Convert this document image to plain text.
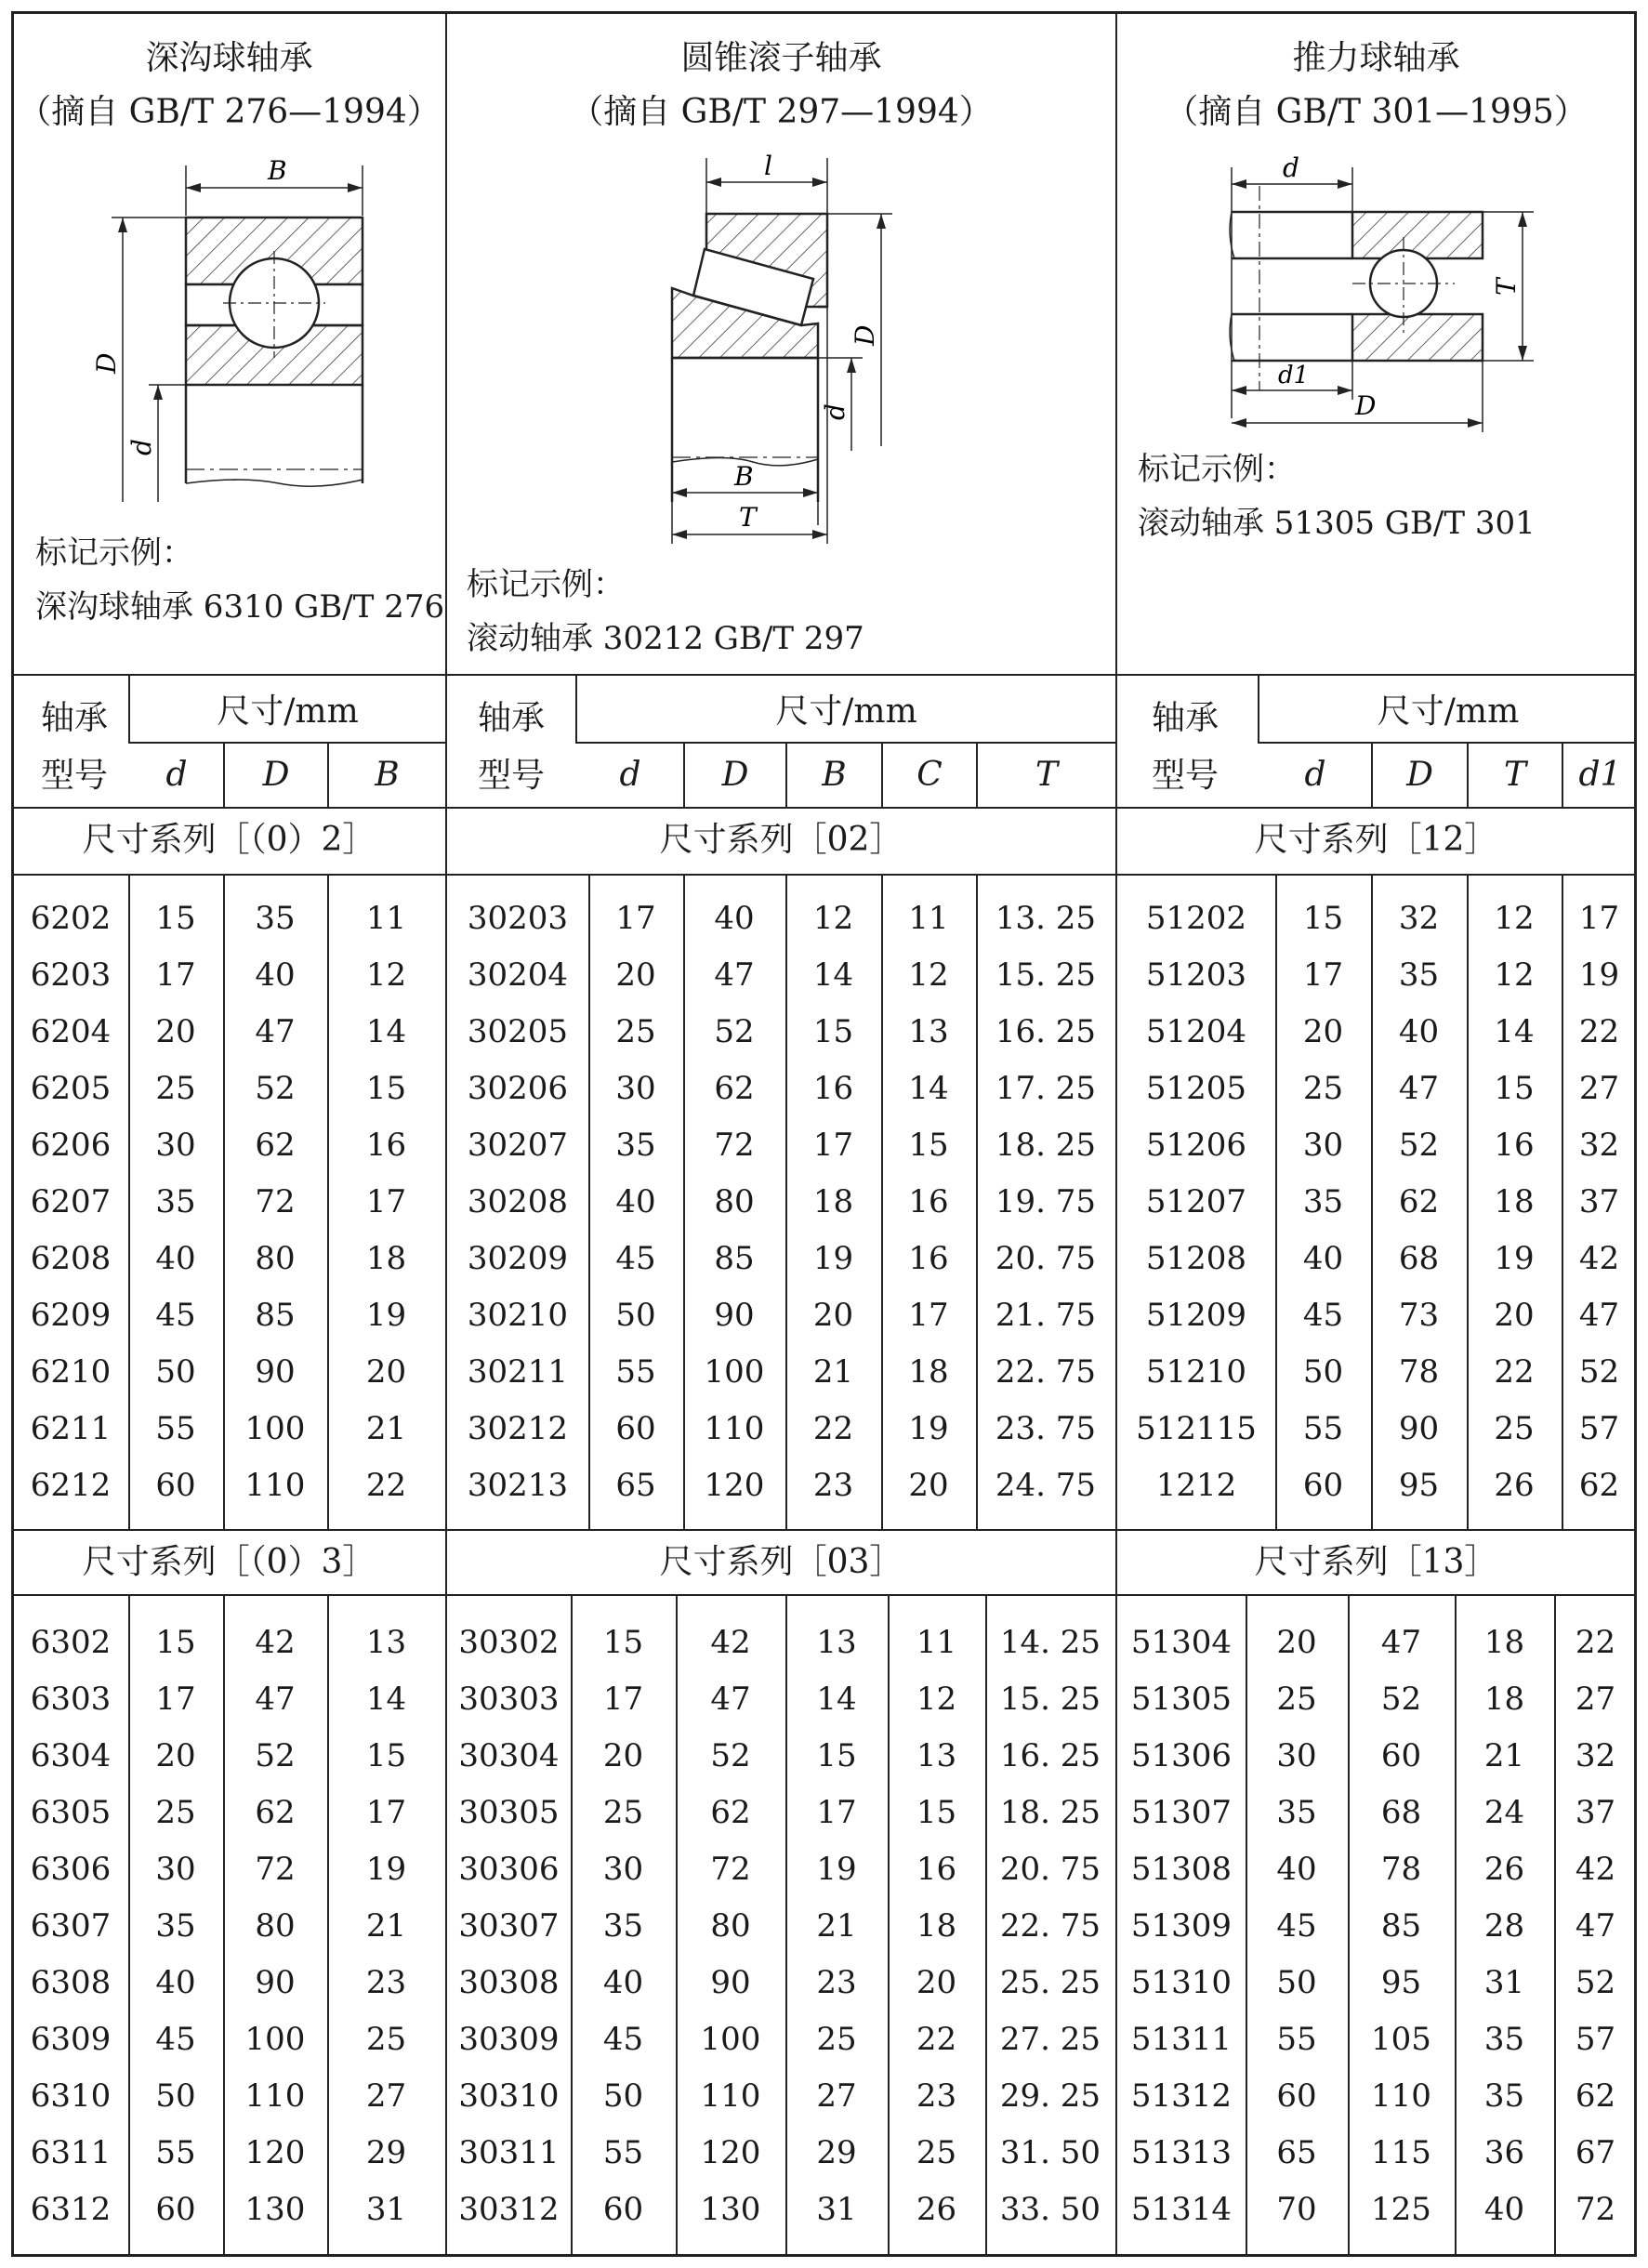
深沟球轴承
（摘自 GB/T 276—1994）
圆锥滚子轴承
（摘自 GB/T 297—1994）
推力球轴承
（摘自 GB/T 301—1995）
B
D
d
标记示例：
深沟球轴承 6310 GB/T 276
l
D
d
B
T
标记示例：
滚动轴承 30212 GB/T 297
d
T
d1
D
标记示例：
滚动轴承 51305 GB/T 301
轴承型号
尺寸/mm
d	D	B
轴承型号
尺寸/mm
d	D	B	C	T
轴承型号
尺寸/mm
d	D	T	d1
尺寸系列［（0）2］	尺寸系列［02］	尺寸系列［12］
尺寸系列［（0）3］	尺寸系列［03］	尺寸系列［13］
6202	15	35	11
6203	17	40	12
6204	20	47	14
6205	25	52	15
6206	30	62	16
6207	35	72	17
6208	40	80	18
6209	45	85	19
6210	50	90	20
6211	55	100	21
6212	60	110	22
30203	17	40	12	11	13. 25
30204	20	47	14	12	15. 25
30205	25	52	15	13	16. 25
30206	30	62	16	14	17. 25
30207	35	72	17	15	18. 25
30208	40	80	18	16	19. 75
30209	45	85	19	16	20. 75
30210	50	90	20	17	21. 75
30211	55	100	21	18	22. 75
30212	60	110	22	19	23. 75
30213	65	120	23	20	24. 75
51202	15	32	12	17
51203	17	35	12	19
51204	20	40	14	22
51205	25	47	15	27
51206	30	52	16	32
51207	35	62	18	37
51208	40	68	19	42
51209	45	73	20	47
51210	50	78	22	52
512115	55	90	25	57
1212	60	95	26	62
6302	15	42	13
6303	17	47	14
6304	20	52	15
6305	25	62	17
6306	30	72	19
6307	35	80	21
6308	40	90	23
6309	45	100	25
6310	50	110	27
6311	55	120	29
6312	60	130	31
30302	15	42	13	11	14. 25
30303	17	47	14	12	15. 25
30304	20	52	15	13	16. 25
30305	25	62	17	15	18. 25
30306	30	72	19	16	20. 75
30307	35	80	21	18	22. 75
30308	40	90	23	20	25. 25
30309	45	100	25	22	27. 25
30310	50	110	27	23	29. 25
30311	55	120	29	25	31. 50
30312	60	130	31	26	33. 50
51304	20	47	18	22
51305	25	52	18	27
51306	30	60	21	32
51307	35	68	24	37
51308	40	78	26	42
51309	45	85	28	47
51310	50	95	31	52
51311	55	105	35	57
51312	60	110	35	62
51313	65	115	36	67
51314	70	125	40	72
